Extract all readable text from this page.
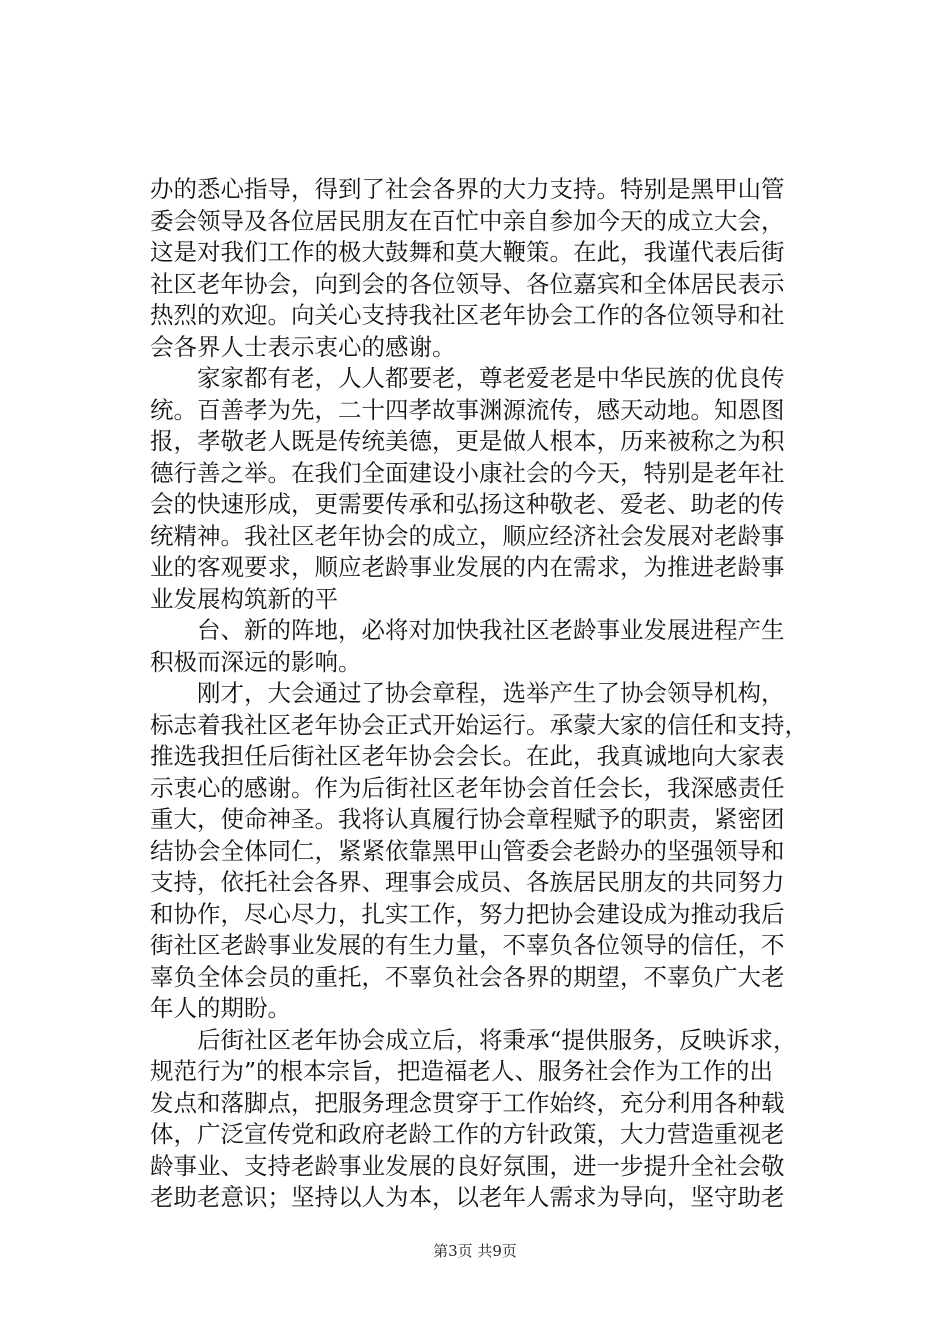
办的悉心指导，得到了社会各界的大力支持。特别是黑甲山管
委会领导及各位居民朋友在百忙中亲自参加今天的成立大会，
这是对我们工作的极大鼓舞和莫大鞭策。在此，我谨代表后街
社区老年协会，向到会的各位领导、各位嘉宾和全体居民表示
热烈的欢迎。向关心支持我社区老年协会工作的各位领导和社
会各界人士表示衷心的感谢。
家家都有老，人人都要老，尊老爱老是中华民族的优良传
统。百善孝为先，二十四孝故事渊源流传，感天动地。知恩图
报，孝敬老人既是传统美德，更是做人根本，历来被称之为积
德行善之举。在我们全面建设小康社会的今天，特别是老年社
会的快速形成，更需要传承和弘扬这种敬老、爱老、助老的传
统精神。我社区老年协会的成立，顺应经济社会发展对老龄事
业的客观要求，顺应老龄事业发展的内在需求，为推进老龄事
业发展构筑新的平
台、新的阵地，必将对加快我社区老龄事业发展进程产生
积极而深远的影响。
刚才，大会通过了协会章程，选举产生了协会领导机构，
标志着我社区老年协会正式开始运行。承蒙大家的信任和支持，
推选我担任后街社区老年协会会长。在此，我真诚地向大家表
示衷心的感谢。作为后街社区老年协会首任会长，我深感责任
重大，使命神圣。我将认真履行协会章程赋予的职责，紧密团
结协会全体同仁，紧紧依靠黑甲山管委会老龄办的坚强领导和
支持，依托社会各界、理事会成员、各族居民朋友的共同努力
和协作，尽心尽力，扎实工作，努力把协会建设成为推动我后
街社区老龄事业发展的有生力量，不辜负各位领导的信任，不
辜负全体会员的重托，不辜负社会各界的期望，不辜负广大老
年人的期盼。
后街社区老年协会成立后，将秉承“提供服务，反映诉求，
规范行为”的根本宗旨，把造福老人、服务社会作为工作的出
发点和落脚点，把服务理念贯穿于工作始终，充分利用各种载
体，广泛宣传党和政府老龄工作的方针政策，大力营造重视老
龄事业、支持老龄事业发展的良好氛围，进一步提升全社会敬
老助老意识；坚持以人为本，以老年人需求为导向，坚守助老
第3页 共9页
